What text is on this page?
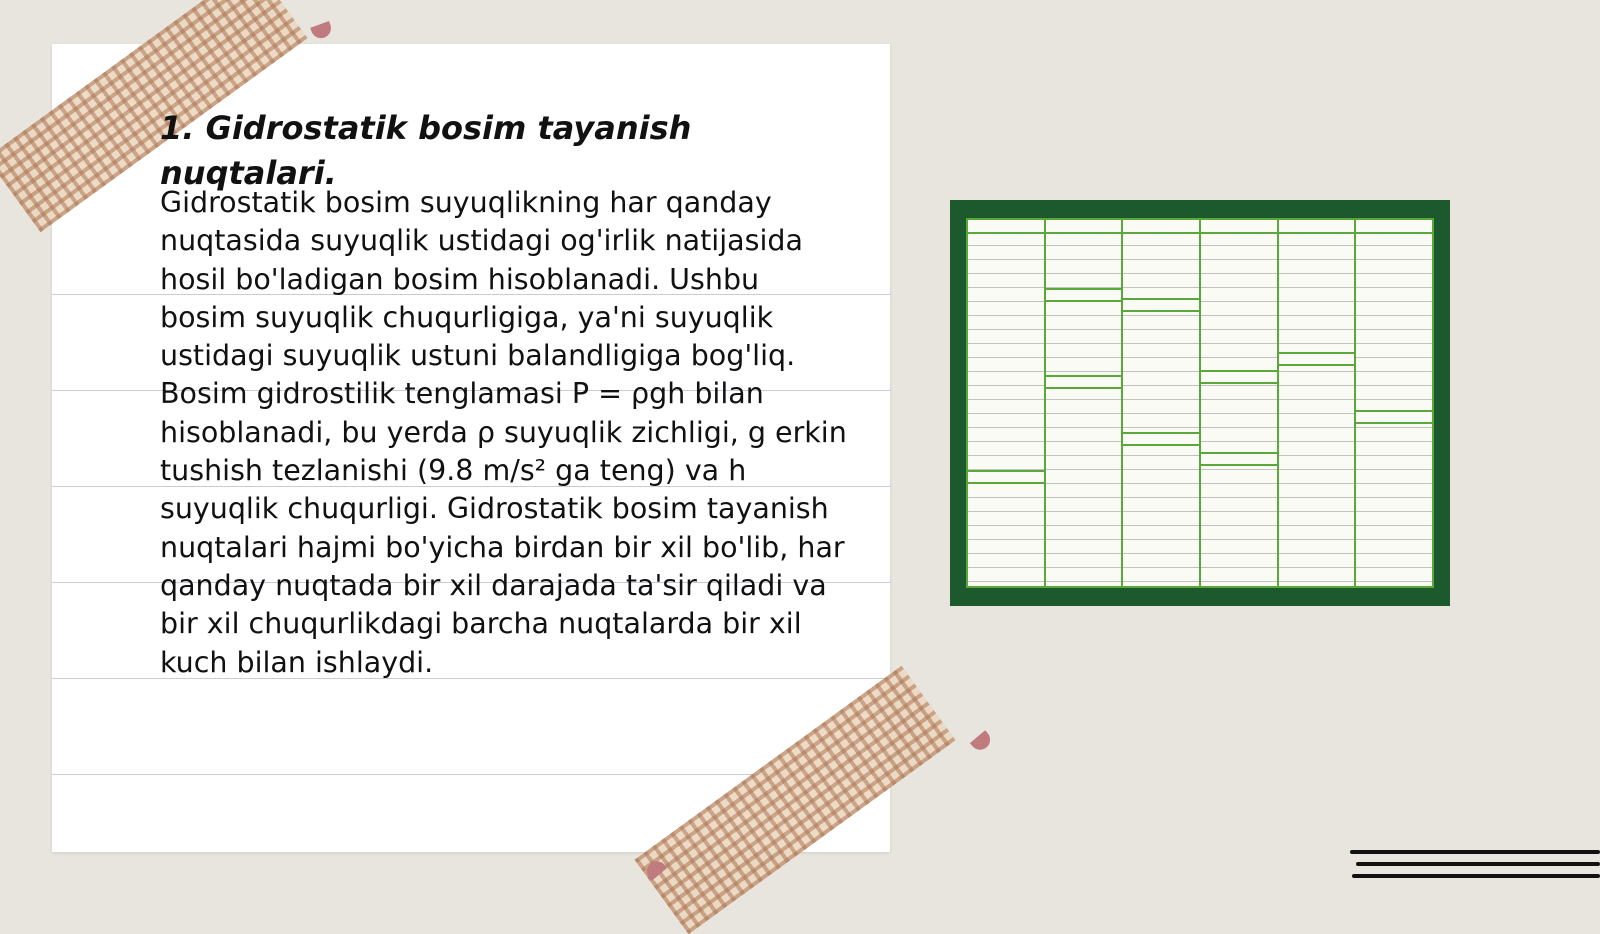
1. Gidrostatik bosim tayanish nuqtalari.

Gidrostatik bosim suyuqlikning har qanday nuqtasida suyuqlik ustidagi og'irlik natijasida hosil bo'ladigan bosim hisoblanadi. Ushbu bosim suyuqlik chuqurligiga, ya'ni suyuqlik ustidagi suyuqlik ustuni balandligiga bog'liq. Bosim gidrostilik tenglamasi P = ρgh bilan hisoblanadi, bu yerda ρ suyuqlik zichligi, g erkin tushish tezlanishi (9.8 m/s² ga teng) va h suyuqlik chuqurligi. Gidrostatik bosim tayanish nuqtalari hajmi bo'yicha birdan bir xil bo'lib, har qanday nuqtada bir xil darajada ta'sir qiladi va bir xil chuqurlikdagi barcha nuqtalarda bir xil kuch bilan ishlaydi.
